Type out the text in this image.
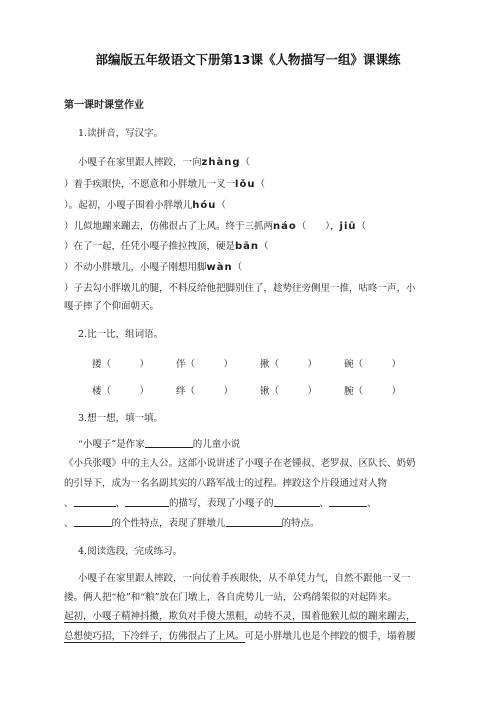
部编版五年级语文下册第13课《人物描写一组》课课练
第一课时课堂作业
1.读拼音，写汉字。
小嘎子在家里跟人摔跤，一向zhàng（
）着手疾眼快，不愿意和小胖墩儿一叉一lǒu（
）。起初，小嘎子围着小胖墩儿hóu（
）儿似地蹦来蹦去，仿佛很占了上风。终于三抓两náo（　　），jiū（
）在了一起，任凭小嘎子推拉拽顶，硬是bān（
）不动小胖墩儿，小嘎子刚想用脚wàn（
）子去勾小胖墩儿的腿，不料反给他把脚别住了，趁势往旁侧里一推，咕咚一声，小
嘎子摔了个仰面朝天。
2.比一比，组词语。
搂（　　　）	伴（　　　）	揪（　　　）	碗（　　　）
楼（　　　）	绊（　　　）	锹（　　　）	腕（　　　）
3.想一想，填一填。
“小嘎子”是作家	的儿童小说
《小兵张嘎》中的主人公。这部小说讲述了小嘎子在老锺叔、老罗叔、区队长、奶奶
的引导下，成为一名名副其实的八路军战士的过程。摔跤这个片段通过对人物
、	、	的描写，表现了小嘎子的	、	、
、	的个性特点，表现了胖墩儿	的特点。
4.阅读选段，完成练习。
小嘎子在家里跟人摔跤，一向仗着手疾眼快，从不单凭力气，自然不跟他一叉一
搂。俩人把“枪”和“粮”放在门墩上，各自虎势儿一站，公鸡鹐架似的对起阵来。
起初，小嘎子精神抖擞，欺负对手傻大黑粗，动转不灵，围着他猴儿似的蹦来蹦去，
总想使巧招，下冷绊子，仿佛很占了上风。可是小胖墩儿也是个摔跤的惯手，塌着腰
